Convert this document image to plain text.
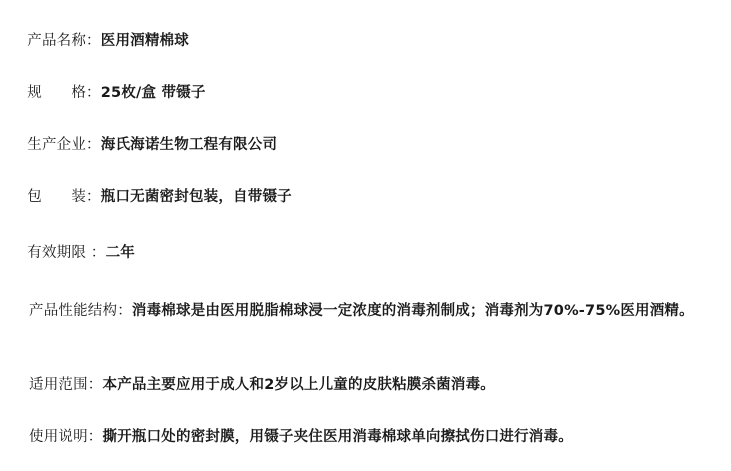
产品名称：医用酒精棉球

规　　格：25枚/盒 带镊子

生产企业：海氏海诺生物工程有限公司

包　　装：瓶口无菌密封包装，自带镊子

有效期限 ：二年

产品性能结构：消毒棉球是由医用脱脂棉球浸一定浓度的消毒剂制成；消毒剂为70%-75%医用酒精。

适用范围：本产品主要应用于成人和2岁以上儿童的皮肤粘膜杀菌消毒。

使用说明：撕开瓶口处的密封膜，用镊子夹住医用消毒棉球单向擦拭伤口进行消毒。
